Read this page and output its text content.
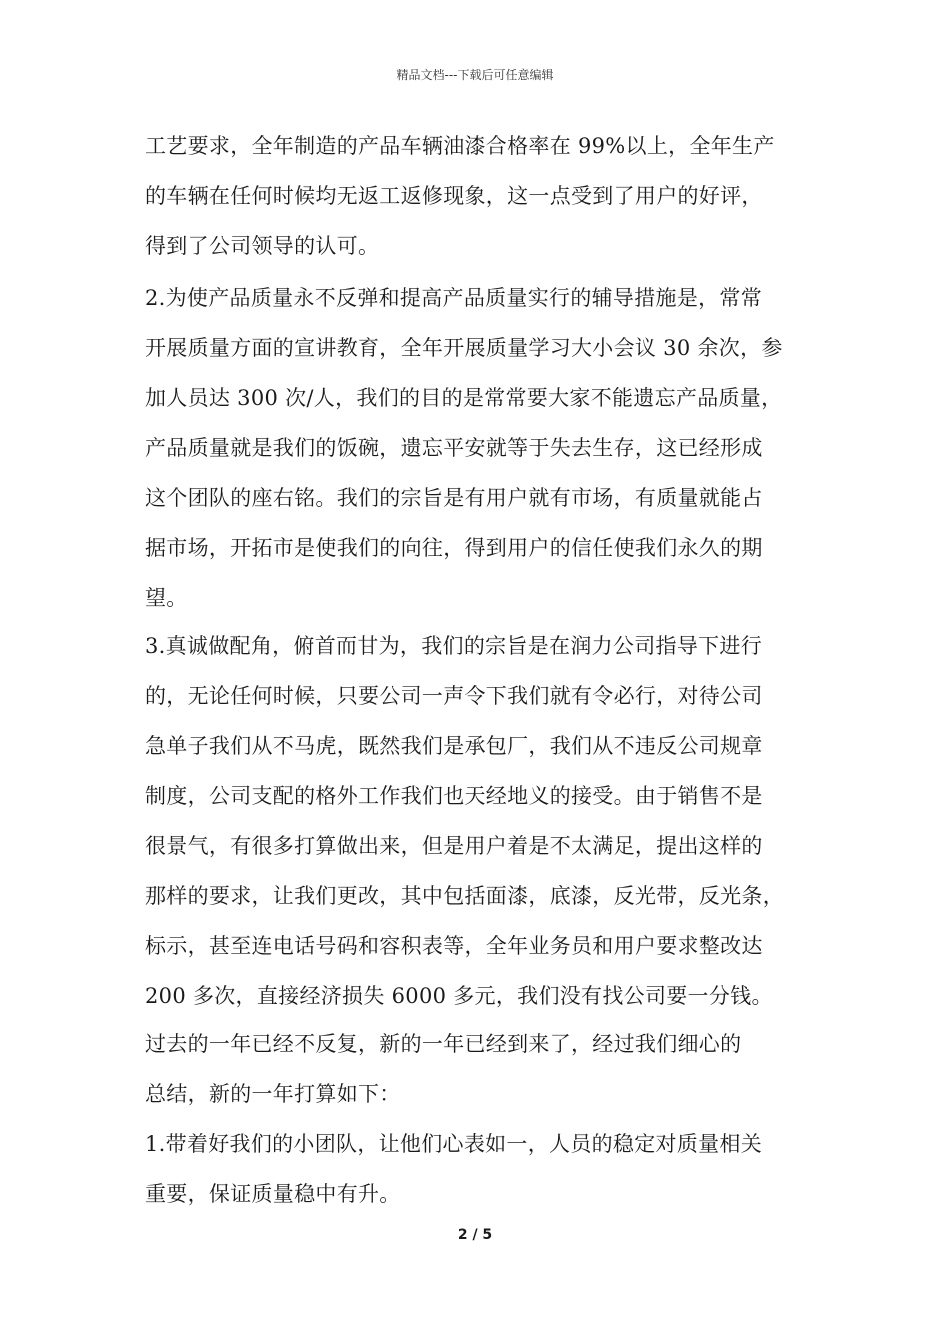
精品文档---下载后可任意编辑
工艺要求，全年制造的产品车辆油漆合格率在 99%以上，全年生产
的车辆在任何时候均无返工返修现象，这一点受到了用户的好评，
得到了公司领导的认可。
2.为使产品质量永不反弹和提高产品质量实行的辅导措施是，常常
开展质量方面的宣讲教育，全年开展质量学习大小会议 30 余次，参
加人员达 300 次/人，我们的目的是常常要大家不能遗忘产品质量，
产品质量就是我们的饭碗，遗忘平安就等于失去生存，这已经形成
这个团队的座右铭。我们的宗旨是有用户就有市场，有质量就能占
据市场，开拓市是使我们的向往，得到用户的信任使我们永久的期
望。
3.真诚做配角，俯首而甘为，我们的宗旨是在润力公司指导下进行
的，无论任何时候，只要公司一声令下我们就有令必行，对待公司
急单子我们从不马虎，既然我们是承包厂，我们从不违反公司规章
制度，公司支配的格外工作我们也天经地义的接受。由于销售不是
很景气，有很多打算做出来，但是用户着是不太满足，提出这样的
那样的要求，让我们更改，其中包括面漆，底漆，反光带，反光条，
标示，甚至连电话号码和容积表等，全年业务员和用户要求整改达
200 多次，直接经济损失 6000 多元，我们没有找公司要一分钱。
过去的一年已经不反复，新的一年已经到来了，经过我们细心的
总结，新的一年打算如下：
1.带着好我们的小团队，让他们心表如一，人员的稳定对质量相关
重要，保证质量稳中有升。
2 / 5
